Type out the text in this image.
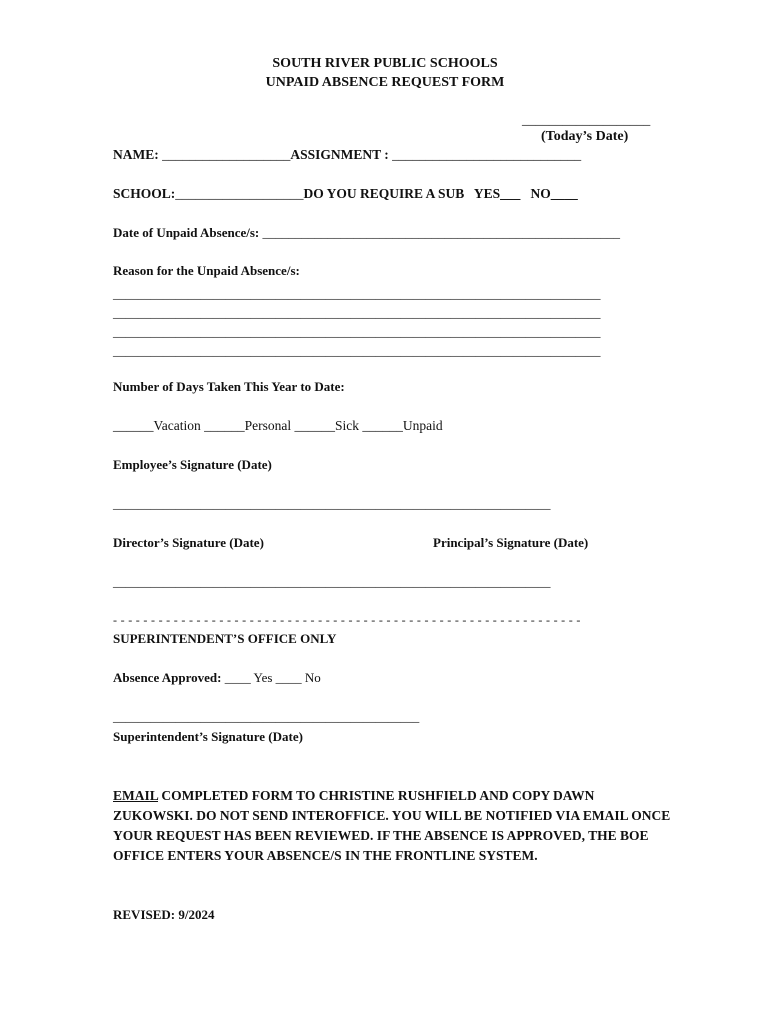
SOUTH RIVER PUBLIC SCHOOLS
UNPAID ABSENCE REQUEST FORM
___________________
(Today’s Date)
NAME: ___________________ASSIGNMENT : ____________________________
SCHOOL:___________________DO YOU REQUIRE A SUB   YES___   NO____
Date of Unpaid Absence/s: _______________________________________________________
Reason for the Unpaid Absence/s:
______________________________________________________________________________
______________________________________________________________________________
______________________________________________________________________________
______________________________________________________________________________
Number of Days Taken This Year to Date:
______Vacation ______Personal ______Sick ______Unpaid
Employee’s Signature (Date)
______________________________________________________________________
Director’s Signature (Date)	Principal’s Signature (Date)
______________________________________________________________________
- - - - - - - - - - - - - - - - - - - - - - - - - - - - - - - - - - - - - - - - - - - - - - - - - - - - - - - - - - - - - -
SUPERINTENDENT’S OFFICE ONLY
Absence Approved: ____ Yes ____ No
_________________________________________________
Superintendent’s Signature (Date)
EMAIL COMPLETED FORM TO CHRISTINE RUSHFIELD AND COPY DAWN ZUKOWSKI. DO NOT SEND INTEROFFICE. YOU WILL BE NOTIFIED VIA EMAIL ONCE YOUR REQUEST HAS BEEN REVIEWED. IF THE ABSENCE IS APPROVED, THE BOE OFFICE ENTERS YOUR ABSENCE/S IN THE FRONTLINE SYSTEM.
REVISED: 9/2024
